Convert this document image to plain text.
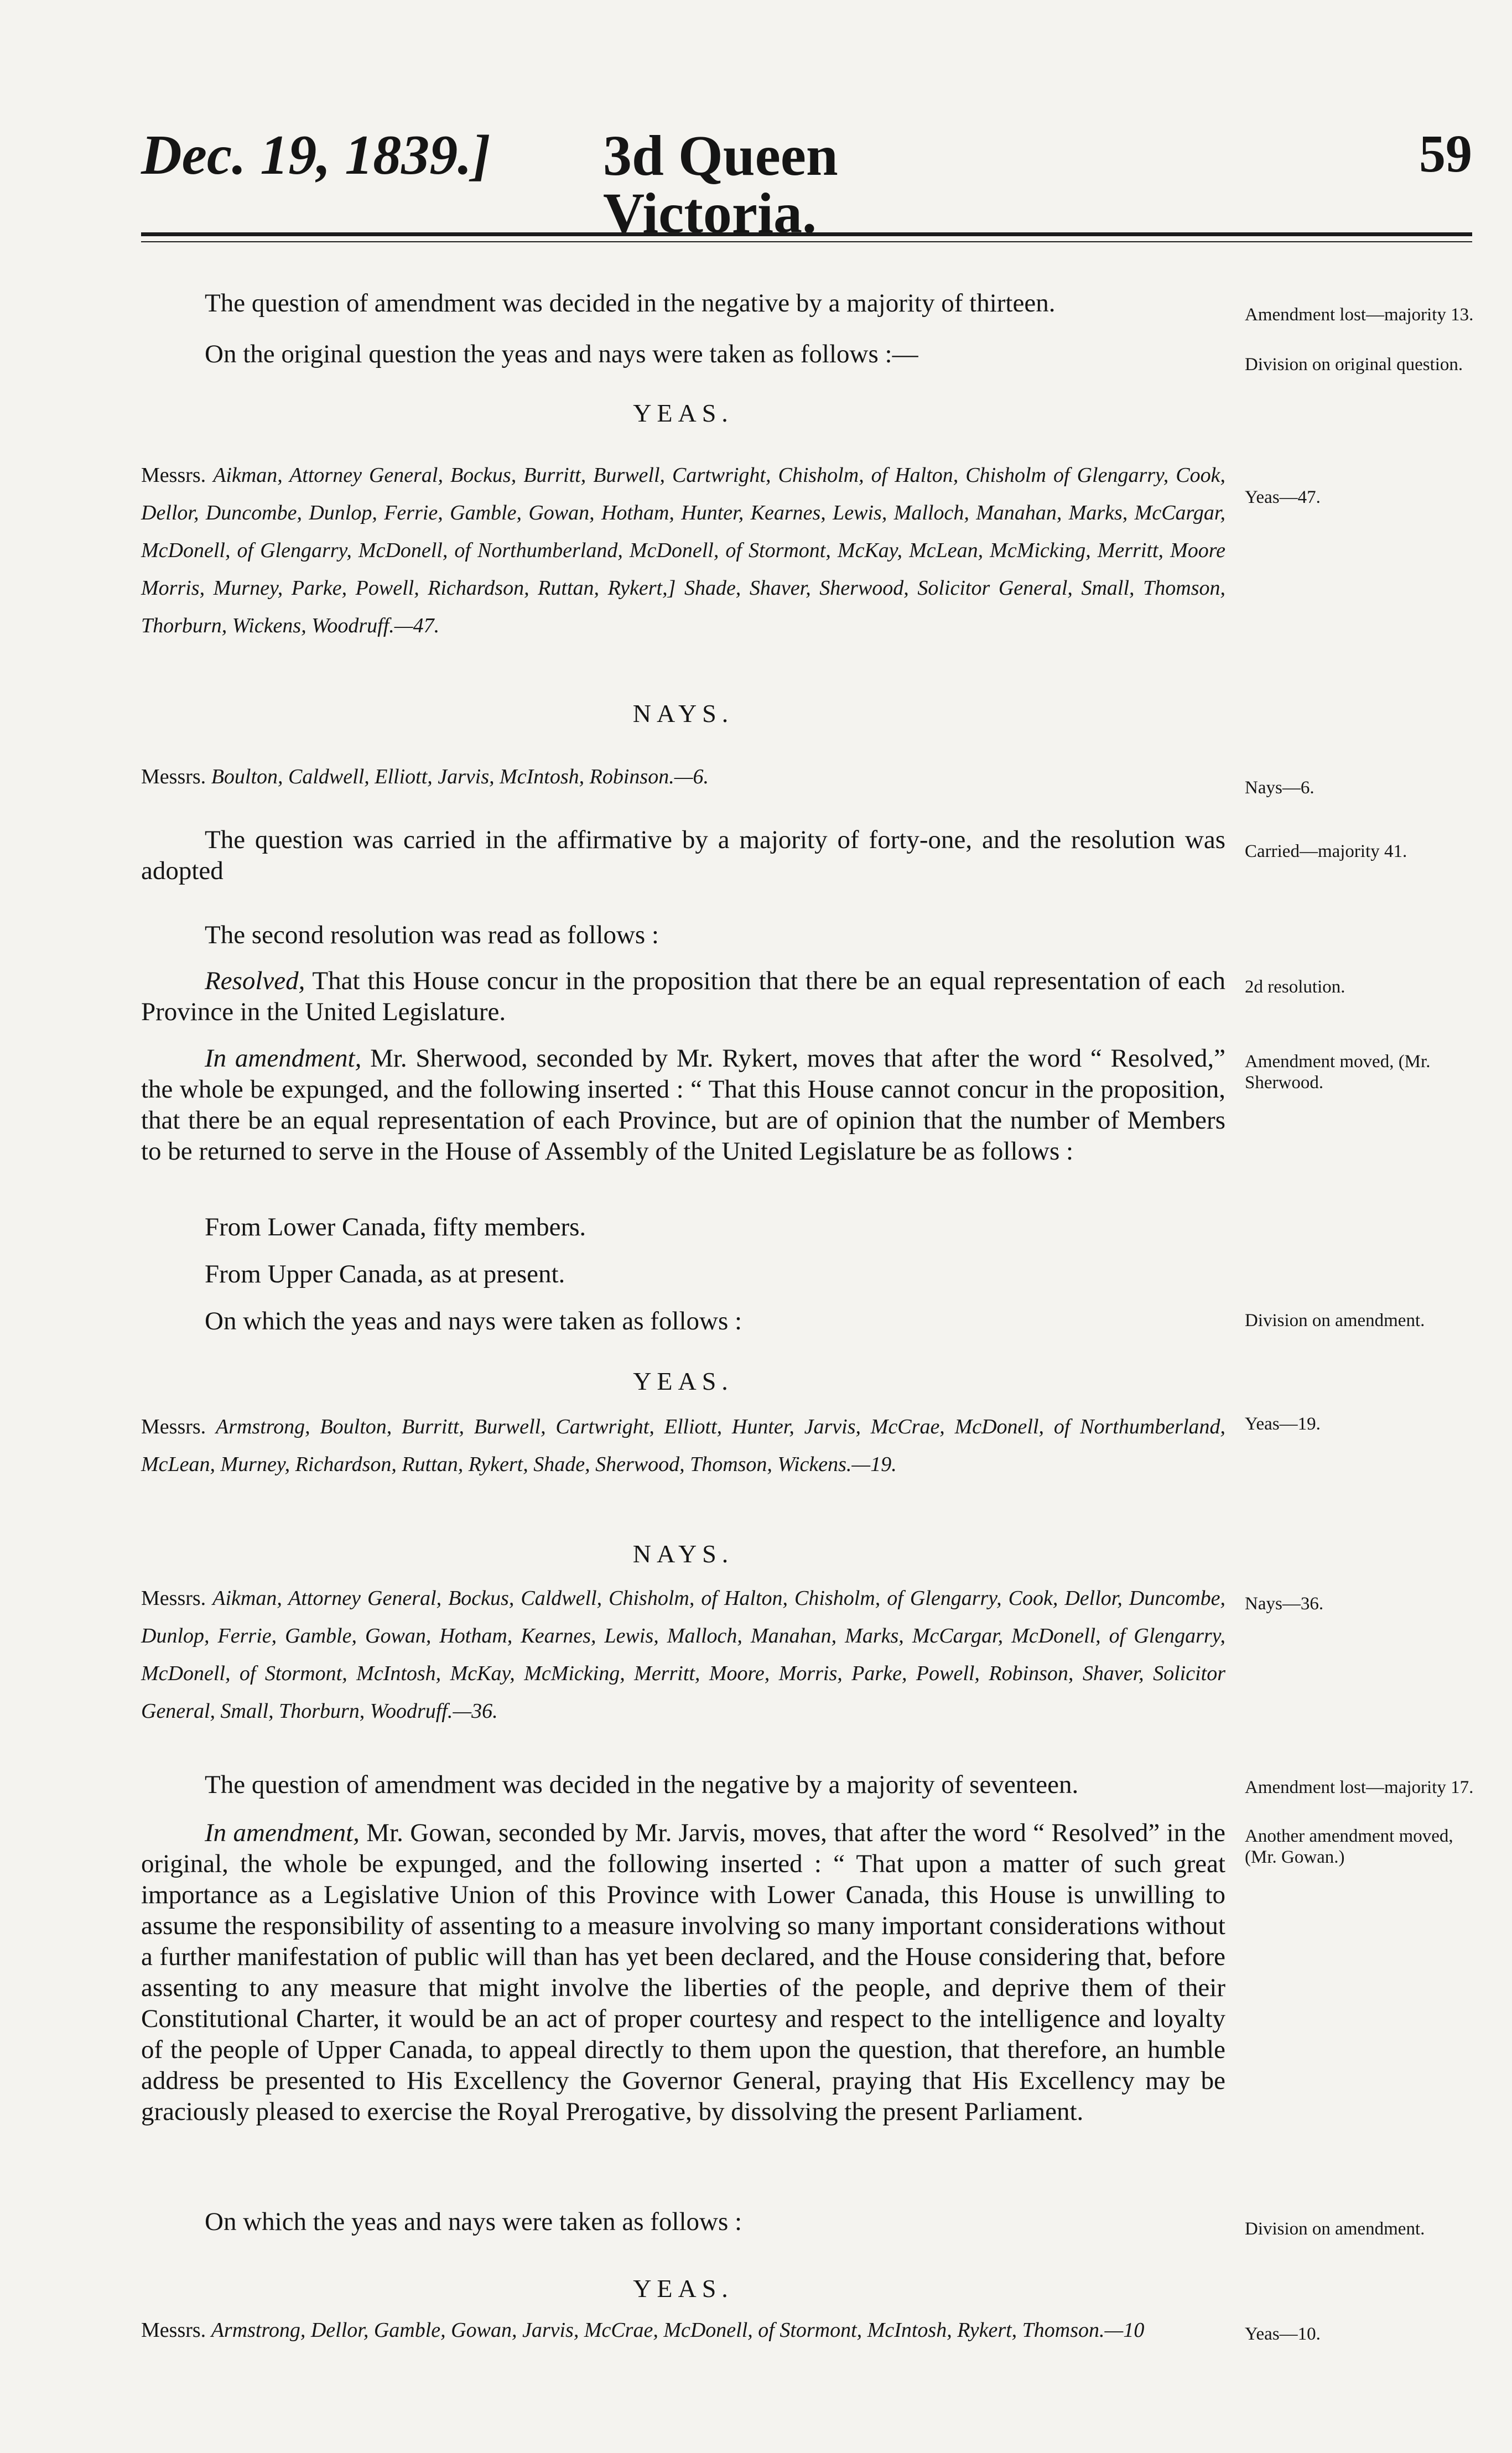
Dec. 19, 1839.] 3d Queen Victoria.
59
The question of amendment was decided in the negative by a majority of thirteen.
On the original question the yeas and nays were taken as follows :—
YEAS.
Messrs. Aikman, Attorney General, Bockus, Burritt, Burwell, Cartwright, Chisholm, of Halton, Chisholm of Glengarry, Cook, Dellor, Duncombe, Dunlop, Ferrie, Gamble, Gowan, Hotham, Hunter, Kearnes, Lewis, Malloch, Manahan, Marks, McCargar, McDonell, of Glengarry, McDonell, of Northumberland, McDonell, of Stormont, McKay, McLean, McMicking, Merritt, Moore Morris, Murney, Parke, Powell, Richardson, Ruttan, Rykert,] Shade, Shaver, Sherwood, Solicitor General, Small, Thomson, Thorburn, Wickens, Woodruff.—47.
NAYS.
Messrs. Boulton, Caldwell, Elliott, Jarvis, McIntosh, Robinson.—6.
The question was carried in the affirmative by a majority of forty-one, and the resolution was adopted
The second resolution was read as follows :
Resolved, That this House concur in the proposition that there be an equal representation of each Province in the United Legislature.
In amendment, Mr. Sherwood, seconded by Mr. Rykert, moves that after the word “ Resolved,” the whole be expunged, and the following inserted : “ That this House cannot concur in the proposition, that there be an equal representation of each Province, but are of opinion that the number of Members to be returned to serve in the House of Assembly of the United Legislature be as follows :
From Lower Canada, fifty members.
From Upper Canada, as at present.
On which the yeas and nays were taken as follows :
YEAS.
Messrs. Armstrong, Boulton, Burritt, Burwell, Cartwright, Elliott, Hunter, Jarvis, McCrae, McDonell, of Northumberland, McLean, Murney, Richardson, Ruttan, Rykert, Shade, Sherwood, Thomson, Wickens.—19.
NAYS.
Messrs. Aikman, Attorney General, Bockus, Caldwell, Chisholm, of Halton, Chisholm, of Glengarry, Cook, Dellor, Duncombe, Dunlop, Ferrie, Gamble, Gowan, Hotham, Kearnes, Lewis, Malloch, Manahan, Marks, McCargar, McDonell, of Glengarry, McDonell, of Stormont, McIntosh, McKay, McMicking, Merritt, Moore, Morris, Parke, Powell, Robinson, Shaver, Solicitor General, Small, Thorburn, Woodruff.—36.
The question of amendment was decided in the negative by a majority of seventeen.
In amendment, Mr. Gowan, seconded by Mr. Jarvis, moves, that after the word “ Resolved” in the original, the whole be expunged, and the following inserted : “ That upon a matter of such great importance as a Legislative Union of this Province with Lower Canada, this House is unwilling to assume the responsibility of assenting to a measure involving so many important considerations without a further manifestation of public will than has yet been declared, and the House considering that, before assenting to any measure that might involve the liberties of the people, and deprive them of their Constitutional Charter, it would be an act of proper courtesy and respect to the intelligence and loyalty of the people of Upper Canada, to appeal directly to them upon the question, that therefore, an humble address be presented to His Excellency the Governor General, praying that His Excellency may be graciously pleased to exercise the Royal Prerogative, by dissolving the present Parliament.
On which the yeas and nays were taken as follows :
YEAS.
Messrs. Armstrong, Dellor, Gamble, Gowan, Jarvis, McCrae, McDonell, of Stormont, McIntosh, Rykert, Thomson.—10
Amendment lost—majority 13.
Division on original question.
Yeas—47.
Nays—6.
Carried—majority 41.
2d resolution.
Amendment moved, (Mr. Sherwood.
Division on amendment.
Yeas—19.
Nays—36.
Amendment lost—majority 17.
Another amendment moved, (Mr. Gowan.)
Division on amendment.
Yeas—10.
